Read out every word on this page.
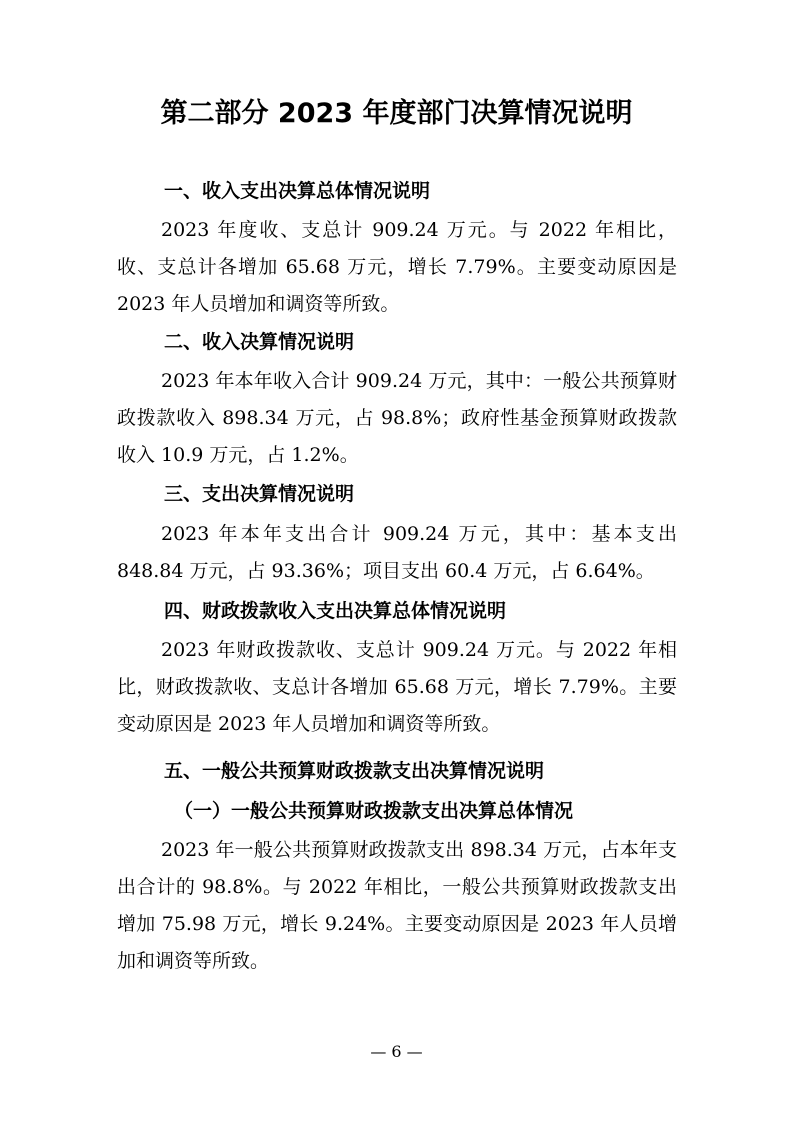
第二部分 2023 年度部门决算情况说明
一、收入支出决算总体情况说明

2023 年度收、支总计 909.24 万元。与 2022 年相比，收、支总计各增加 65.68 万元，增长 7.79%。主要变动原因是 2023 年人员增加和调资等所致。

二、收入决算情况说明

2023 年本年收入合计 909.24 万元，其中：一般公共预算财政拨款收入 898.34 万元，占 98.8%；政府性基金预算财政拨款收入 10.9 万元，占 1.2%。

三、支出决算情况说明

2023 年本年支出合计 909.24 万元，其中：基本支出 848.84 万元，占 93.36%；项目支出 60.4 万元，占 6.64%。

四、财政拨款收入支出决算总体情况说明

2023 年财政拨款收、支总计 909.24 万元。与 2022 年相比，财政拨款收、支总计各增加 65.68 万元，增长 7.79%。主要变动原因是 2023 年人员增加和调资等所致。

五、一般公共预算财政拨款支出决算情况说明
（一）一般公共预算财政拨款支出决算总体情况

2023 年一般公共预算财政拨款支出 898.34 万元，占本年支出合计的 98.8%。与 2022 年相比，一般公共预算财政拨款支出增加 75.98 万元，增长 9.24%。主要变动原因是 2023 年人员增加和调资等所致。

— 6 —
